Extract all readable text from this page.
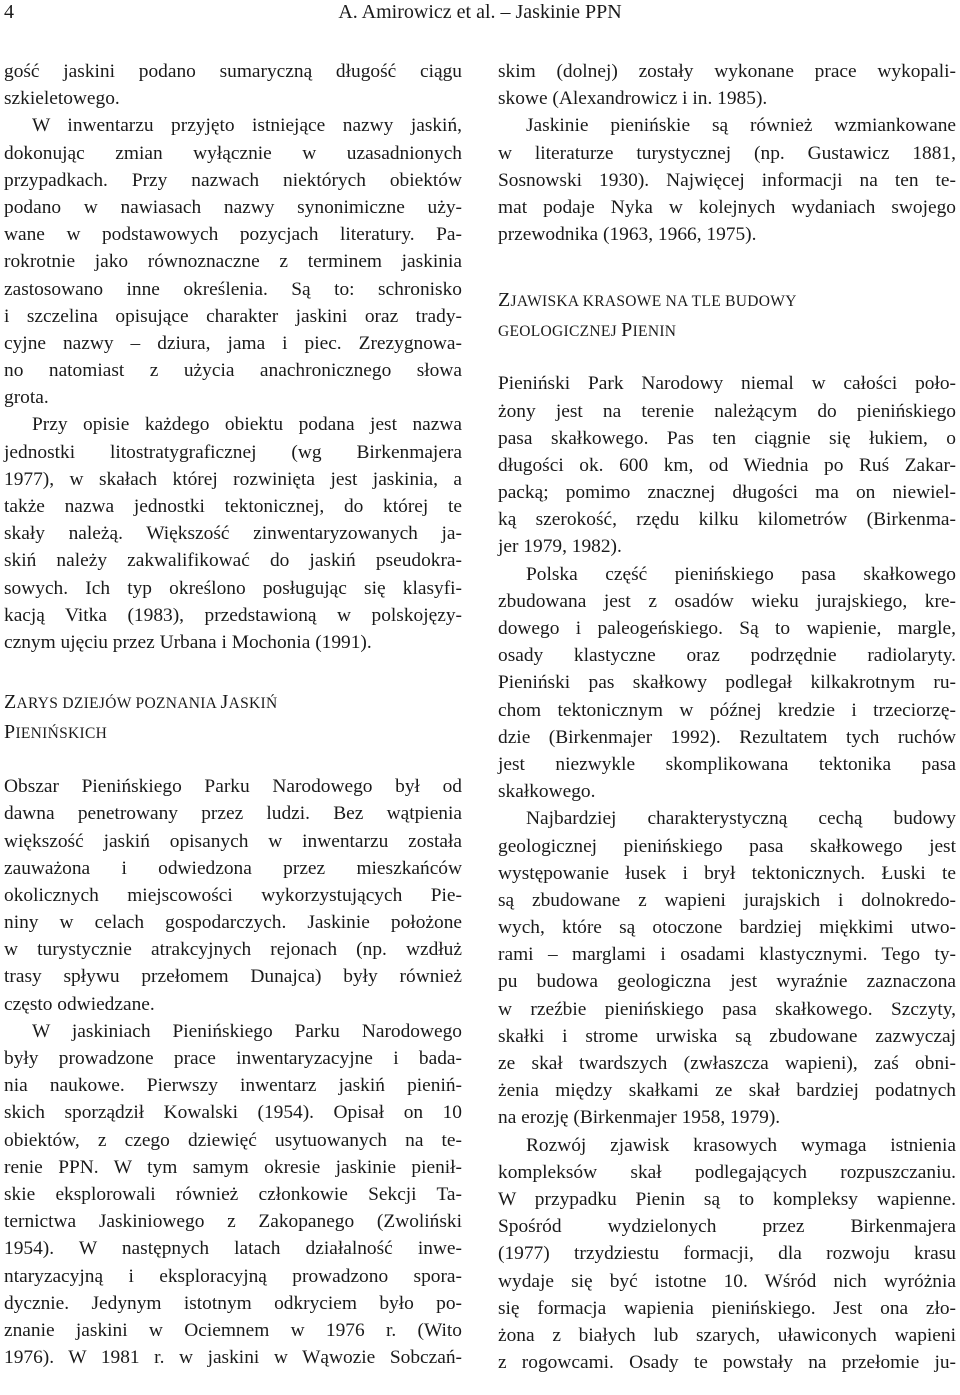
4	A. Amirowicz et al. – Jaskinie PPN
gość jaskini podano sumaryczną długość ciągu
szkieletowego.
W inwentarzu przyjęto istniejące nazwy jaskiń,
dokonując zmian wyłącznie w uzasadnionych
przypadkach. Przy nazwach niektórych obiektów
podano w nawiasach nazwy synonimiczne uży-
wane w podstawowych pozycjach literatury. Pa-
rokrotnie jako równoznaczne z terminem jaskinia
zastosowano inne określenia. Są to: schronisko
i szczelina opisujące charakter jaskini oraz trady-
cyjne nazwy – dziura, jama i piec. Zrezygnowa-
no natomiast z użycia anachronicznego słowa
grota.
Przy opisie każdego obiektu podana jest nazwa
jednostki litostratygraficznej (wg Birkenmajera
1977), w skałach której rozwinięta jest jaskinia, a
także nazwa jednostki tektonicznej, do której te
skały należą. Większość zinwentaryzowanych ja-
skiń należy zakwalifikować do jaskiń pseudokra-
sowych. Ich typ określono posługując się klasyfi-
kacją Vitka (1983), przedstawioną w polskojęzy-
cznym ujęciu przez Urbana i Mochonia (1991).
ZARYS DZIEJÓW POZNANIA JASKIŃ
PIENIŃSKICH
Obszar Pienińskiego Parku Narodowego był od
dawna penetrowany przez ludzi. Bez wątpienia
większość jaskiń opisanych w inwentarzu została
zauważona i odwiedzona przez mieszkańców
okolicznych miejscowości wykorzystujących Pie-
niny w celach gospodarczych. Jaskinie położone
w turystycznie atrakcyjnych rejonach (np. wzdłuż
trasy spływu przełomem Dunajca) były również
często odwiedzane.
W jaskiniach Pienińskiego Parku Narodowego
były prowadzone prace inwentaryzacyjne i bada-
nia naukowe. Pierwszy inwentarz jaskiń pieniń-
skich sporządził Kowalski (1954). Opisał on 10
obiektów, z czego dziewięć usytuowanych na te-
renie PPN. W tym samym okresie jaskinie pienił-
skie eksplorowali również członkowie Sekcji Ta-
ternictwa Jaskiniowego z Zakopanego (Zwoliński
1954). W następnych latach działalność inwe-
ntaryzacyjną i eksploracyjną prowadzono spora-
dycznie. Jedynym istotnym odkryciem było po-
znanie jaskini w Ociemnem w 1976 r. (Wito
1976). W 1981 r. w jaskini w Wąwozie Sobczań-
skim (dolnej) zostały wykonane prace wykopali-
skowe (Alexandrowicz i in. 1985).
Jaskinie pienińskie są również wzmiankowane
w literaturze turystycznej (np. Gustawicz 1881,
Sosnowski 1930). Najwięcej informacji na ten te-
mat podaje Nyka w kolejnych wydaniach swojego
przewodnika (1963, 1966, 1975).
ZJAWISKA KRASOWE NA TLE BUDOWY
GEOLOGICZNEJ PIENIN
Pieniński Park Narodowy niemal w całości poło-
żony jest na terenie należącym do pienińskiego
pasa skałkowego. Pas ten ciągnie się łukiem, o
długości ok. 600 km, od Wiednia po Ruś Zakar-
packą; pomimo znacznej długości ma on niewiel-
ką szerokość, rzędu kilku kilometrów (Birkenma-
jer 1979, 1982).
Polska część pienińskiego pasa skałkowego
zbudowana jest z osadów wieku jurajskiego, kre-
dowego i paleogeńskiego. Są to wapienie, margle,
osady klastyczne oraz podrzędnie radiolaryty.
Pieniński pas skałkowy podlegał kilkakrotnym ru-
chom tektonicznym w późnej kredzie i trzeciorzę-
dzie (Birkenmajer 1992). Rezultatem tych ruchów
jest niezwykle skomplikowana tektonika pasa
skałkowego.
Najbardziej charakterystyczną cechą budowy
geologicznej pienińskiego pasa skałkowego jest
występowanie łusek i brył tektonicznych. Łuski te
są zbudowane z wapieni jurajskich i dolnokredo-
wych, które są otoczone bardziej miękkimi utwo-
rami – marglami i osadami klastycznymi. Tego ty-
pu budowa geologiczna jest wyraźnie zaznaczona
w rzeźbie pienińskiego pasa skałkowego. Szczyty,
skałki i strome urwiska są zbudowane zazwyczaj
ze skał twardszych (zwłaszcza wapieni), zaś obni-
żenia między skałkami ze skał bardziej podatnych
na erozję (Birkenmajer 1958, 1979).
Rozwój zjawisk krasowych wymaga istnienia
kompleksów skał podlegających rozpuszczaniu.
W przypadku Pienin są to kompleksy wapienne.
Spośród wydzielonych przez Birkenmajera
(1977) trzydziestu formacji, dla rozwoju krasu
wydaje się być istotne 10. Wśród nich wyróżnia
się formacja wapienia pienińskiego. Jest ona zło-
żona z białych lub szarych, uławiconych wapieni
z rogowcami. Osady te powstały na przełomie ju-
